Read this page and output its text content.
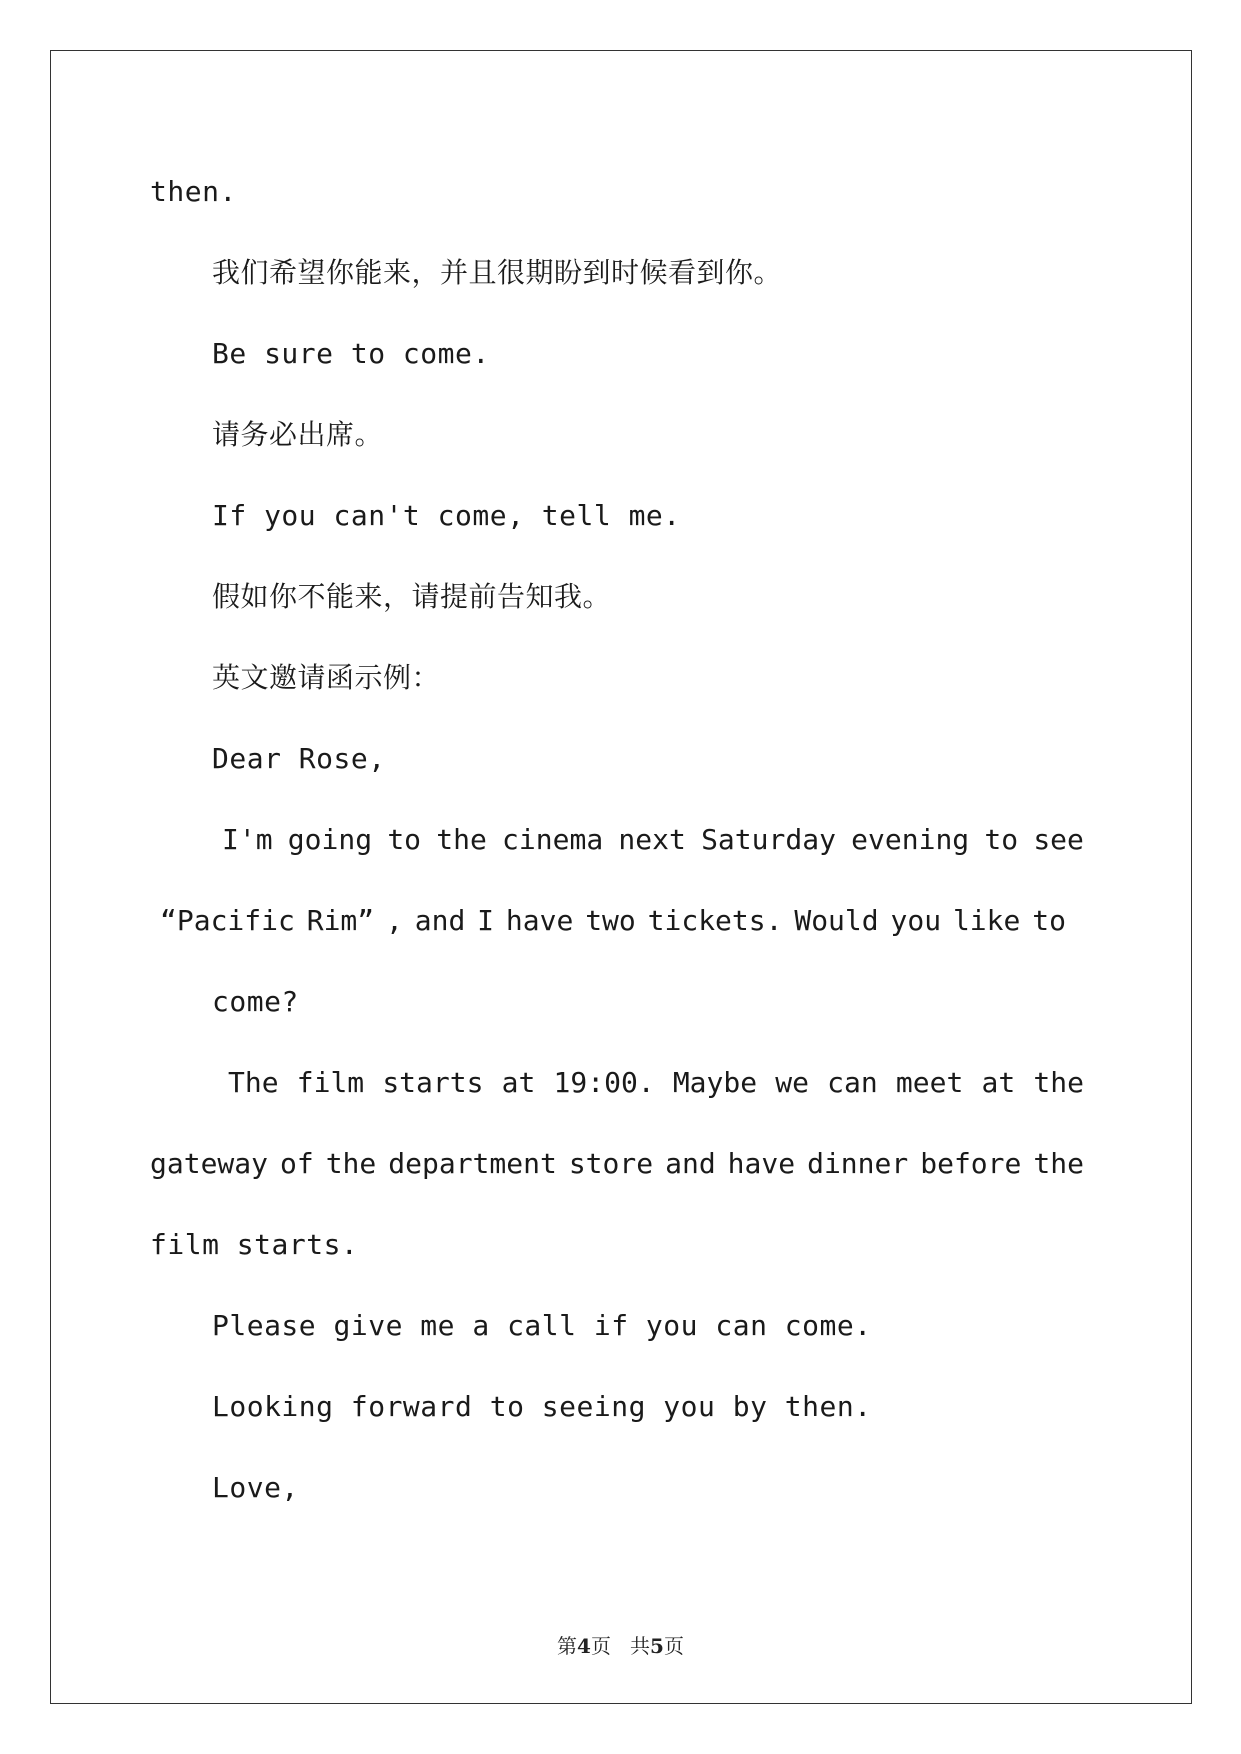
then.
我们希望你能来，并且很期盼到时候看到你。
Be sure to come.
请务必出席。
If you can't come, tell me.
假如你不能来，请提前告知我。
英文邀请函示例：
Dear Rose,
I'm going to the cinema next Saturday evening to see
“Pacific Rim” , and I have two tickets. Would you like to
come?
The film starts at 19:00. Maybe we can meet at the
gateway of the department store and have dinner before the
film starts.
Please give me a call if you can come.
Looking forward to seeing you by then.
Love,
第4页   共5页
